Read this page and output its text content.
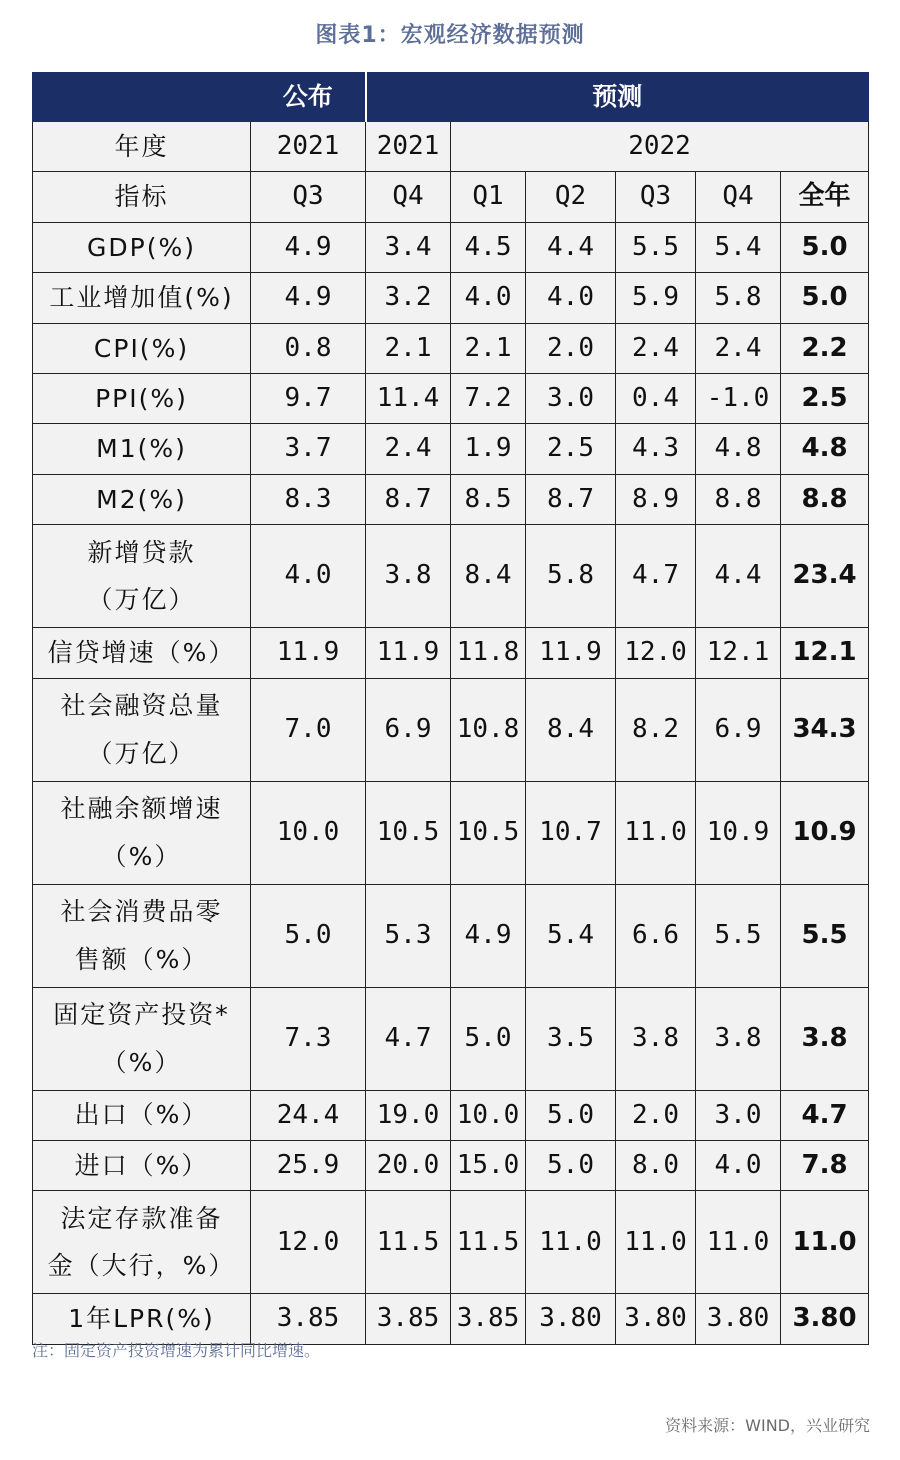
图表1：宏观经济数据预测
	公布	预测					
年度	2021	2021	2022				
指标	Q3	Q4	Q1	Q2	Q3	Q4	全年
GDP(%)	4.9	3.4	4.5	4.4	5.5	5.4	5.0
工业增加值(%)	4.9	3.2	4.0	4.0	5.9	5.8	5.0
CPI(%)	0.8	2.1	2.1	2.0	2.4	2.4	2.2
PPI(%)	9.7	11.4	7.2	3.0	0.4	-1.0	2.5
M1(%)	3.7	2.4	1.9	2.5	4.3	4.8	4.8
M2(%)	8.3	8.7	8.5	8.7	8.9	8.8	8.8
新增贷款
（万亿）	4.0	3.8	8.4	5.8	4.7	4.4	23.4
信贷增速（%）	11.9	11.9	11.8	11.9	12.0	12.1	12.1
社会融资总量
（万亿）	7.0	6.9	10.8	8.4	8.2	6.9	34.3
社融余额增速
（%）	10.0	10.5	10.5	10.7	11.0	10.9	10.9
社会消费品零
售额（%）	5.0	5.3	4.9	5.4	6.6	5.5	5.5
固定资产投资*
（%）	7.3	4.7	5.0	3.5	3.8	3.8	3.8
出口（%）	24.4	19.0	10.0	5.0	2.0	3.0	4.7
进口（%）	25.9	20.0	15.0	5.0	8.0	4.0	7.8
法定存款准备
金（大行，%）	12.0	11.5	11.5	11.0	11.0	11.0	11.0
1年LPR(%)	3.85	3.85	3.85	3.80	3.80	3.80	3.80
注：固定资产投资增速为累计同比增速。
资料来源：WIND，兴业研究
